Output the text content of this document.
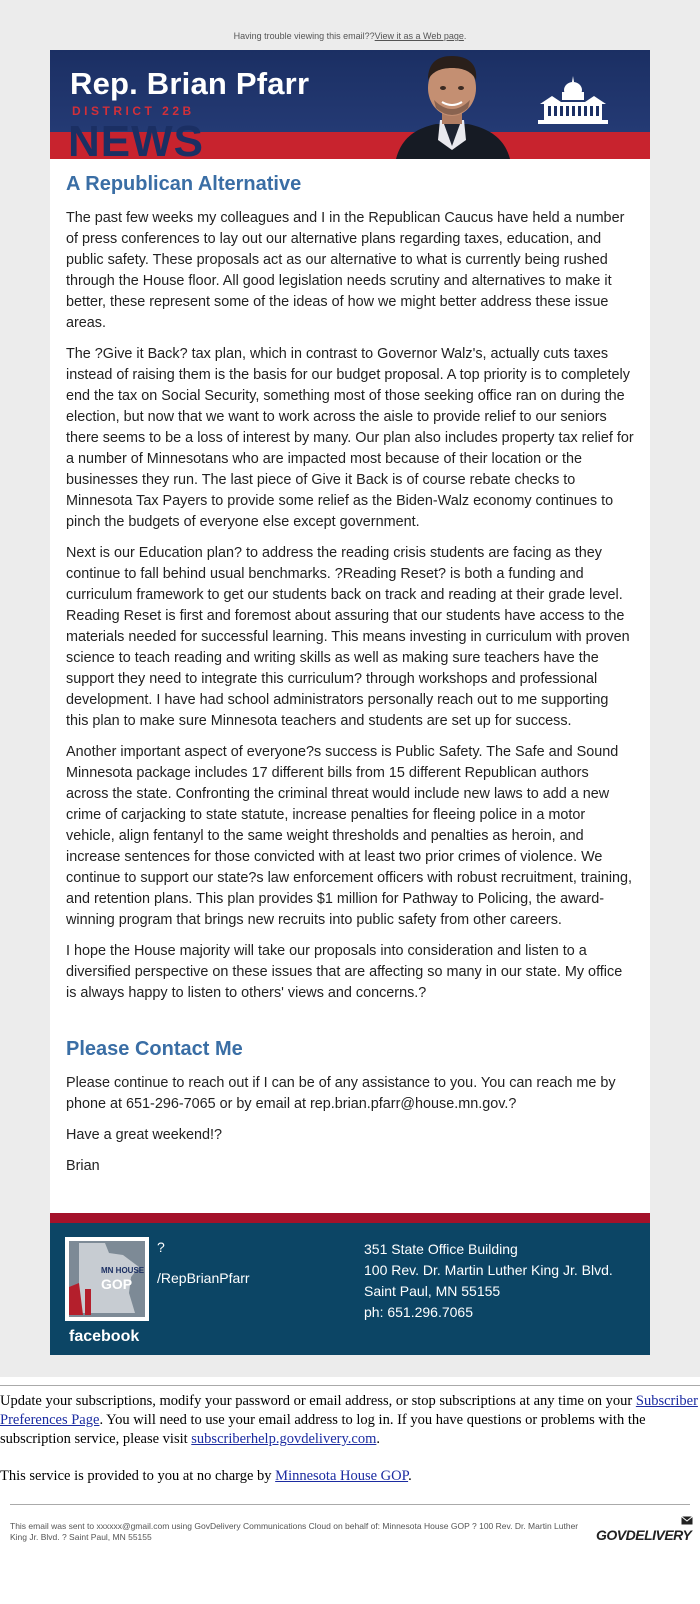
Having trouble viewing this email??View it as a Web page.
Rep. Brian Pfarr
DISTRICT 22B
NEWS
A Republican Alternative

The past few weeks my colleagues and I in the Republican Caucus have held a number of press conferences to lay out our alternative plans regarding taxes, education, and public safety. These proposals act as our alternative to what is currently being rushed through the House floor. All good legislation needs scrutiny and alternatives to make it better, these represent some of the ideas of how we might better address these issue areas.

The ?Give it Back? tax plan, which in contrast to Governor Walz's, actually cuts taxes instead of raising them is the basis for our budget proposal. A top priority is to completely end the tax on Social Security, something most of those seeking office ran on during the election, but now that we want to work across the aisle to provide relief to our seniors there seems to be a loss of interest by many. Our plan also includes property tax relief for a number of Minnesotans who are impacted most because of their location or the businesses they run. The last piece of Give it Back is of course rebate checks to Minnesota Tax Payers to provide some relief as the Biden-Walz economy continues to pinch the budgets of everyone else except government.

Next is our Education plan? to address the reading crisis students are facing as they continue to fall behind usual benchmarks. ?Reading Reset? is both a funding and curriculum framework to get our students back on track and reading at their grade level. Reading Reset is first and foremost about assuring that our students have access to the materials needed for successful learning. This means investing in curriculum with proven science to teach reading and writing skills as well as making sure teachers have the support they need to integrate this curriculum? through workshops and professional development. I have had school administrators personally reach out to me supporting this plan to make sure Minnesota teachers and students are set up for success.

Another important aspect of everyone?s success is Public Safety. The Safe and Sound Minnesota package includes 17 different bills from 15 different Republican authors across the state. Confronting the criminal threat would include new laws to add a new crime of carjacking to state statute, increase penalties for fleeing police in a motor vehicle, align fentanyl to the same weight thresholds and penalties as heroin, and increase sentences for those convicted with at least two prior crimes of violence. We continue to support our state?s law enforcement officers with robust recruitment, training, and retention plans. This plan provides $1 million for Pathway to Policing, the award-winning program that brings new recruits into public safety from other careers.

I hope the House majority will take our proposals into consideration and listen to a diversified perspective on these issues that are affecting so many in our state. My office is always happy to listen to others' views and concerns.?

Please Contact Me

Please continue to reach out if I can be of any assistance to you. You can reach me by phone at 651-296-7065 or by email at rep.brian.pfarr@house.mn.gov.?

Have a great weekend!?

Brian

MN HOUSE
GOP
facebook
?
/RepBrianPfarr
351 State Office Building
100 Rev. Dr. Martin Luther King Jr. Blvd.
Saint Paul, MN 55155
ph: 651.296.7065

Update your subscriptions, modify your password or email address, or stop subscriptions at any time on your Subscriber Preferences Page. You will need to use your email address to log in. If you have questions or problems with the subscription service, please visit subscriberhelp.govdelivery.com.

This service is provided to you at no charge by Minnesota House GOP.

This email was sent to xxxxxx@gmail.com using GovDelivery Communications Cloud on behalf of: Minnesota House GOP ? 100 Rev. Dr. Martin Luther King Jr. Blvd. ? Saint Paul, MN 55155	GOVDELIVERY
